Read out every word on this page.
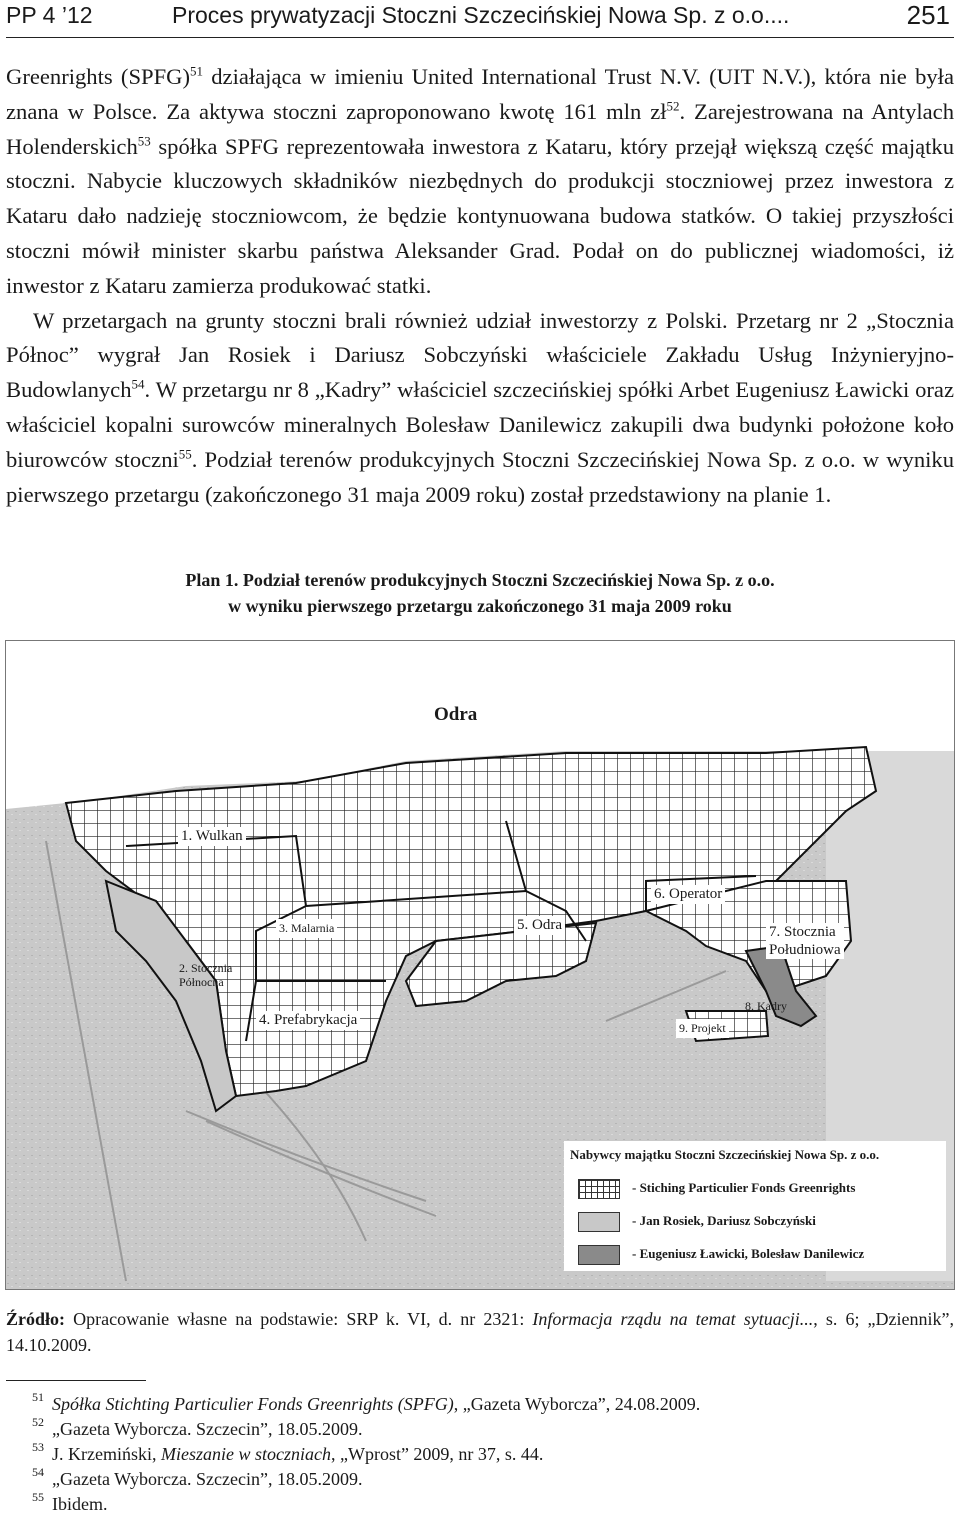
PP 4 ’12	Proces prywatyzacji Stoczni Szczecińskiej Nowa Sp. z o.o....	251

Greenrights (SPFG)$^{51}$ działająca w imieniu United International Trust N.V. (UIT N.V.), która nie była znana w Polsce. Za aktywa stoczni zaproponowano kwotę 161 mln $zł^{52}$. Zarejestrowana na Antylach Holenderskich$^{53}$ spółka SPFG reprezentowała inwestora z Kataru, który przejął większą część majątku stoczni. Nabycie kluczowych składników niezbędnych do produkcji stoczniowej przez inwestora z Kataru dało nadzieję stoczniowcom, że będzie kontynuowana budowa statków. O takiej przyszłości stoczni mówił minister skarbu państwa Aleksander Grad. Podał on do publicznej wiadomości, iż inwestor z Kataru zamierza produkować statki.

W przetargach na grunty stoczni brali również udział inwestorzy z Polski. Przetarg nr 2 „Stocznia Północ” wygrał Jan Rosiek i Dariusz Sobczyński właściciele Zakładu Usług Inżynieryjno-Budowlanych$^{54}$. W przetargu nr 8 „Kadry” właściciel szczecińskiej spółki Arbet Eugeniusz Ławicki oraz właściciel kopalni surowców mineralnych Bolesław Danilewicz zakupili dwa budynki położone koło biurowców stoczni$^{55}$. Podział terenów produkcyjnych Stoczni Szczecińskiej Nowa Sp. z o.o. w wyniku pierwszego przetargu (zakończonego 31 maja 2009 roku) został przedstawiony na planie 1.

Plan 1. Podział terenów produkcyjnych Stoczni Szczecińskiej Nowa Sp. z o.o.
w wyniku pierwszego przetargu zakończonego 31 maja 2009 roku
Odra
1. Wulkan
3. Malarnia	5. Odra
6. Operator
7. Stocznia
Południowa
2. Stocznia
Północna
4. Prefabrykacja
8. Kadry
9. Projekt
Nabywcy majątku Stoczni Szczecińskiej Nowa Sp. z o.o.
- Stiching Particulier Fonds Greenrights
- Jan Rosiek, Dariusz Sobczyński
- Eugeniusz Ławicki, Bolesław Danilewicz
Źródło: Opracowanie własne na podstawie: SRP k. VI, d. nr 2321: Informacja rządu na temat sytuacji..., s. 6; „Dziennik”, 14.10.2009.
51 Spółka Stichting Particulier Fonds Greenrights (SPFG), „Gazeta Wyborcza”, 24.08.2009.
52 „Gazeta Wyborcza. Szczecin”, 18.05.2009.
53 J. Krzemiński, Mieszanie w stoczniach, „Wprost” 2009, nr 37, s. 44.
54 „Gazeta Wyborcza. Szczecin”, 18.05.2009.
55 Ibidem.
